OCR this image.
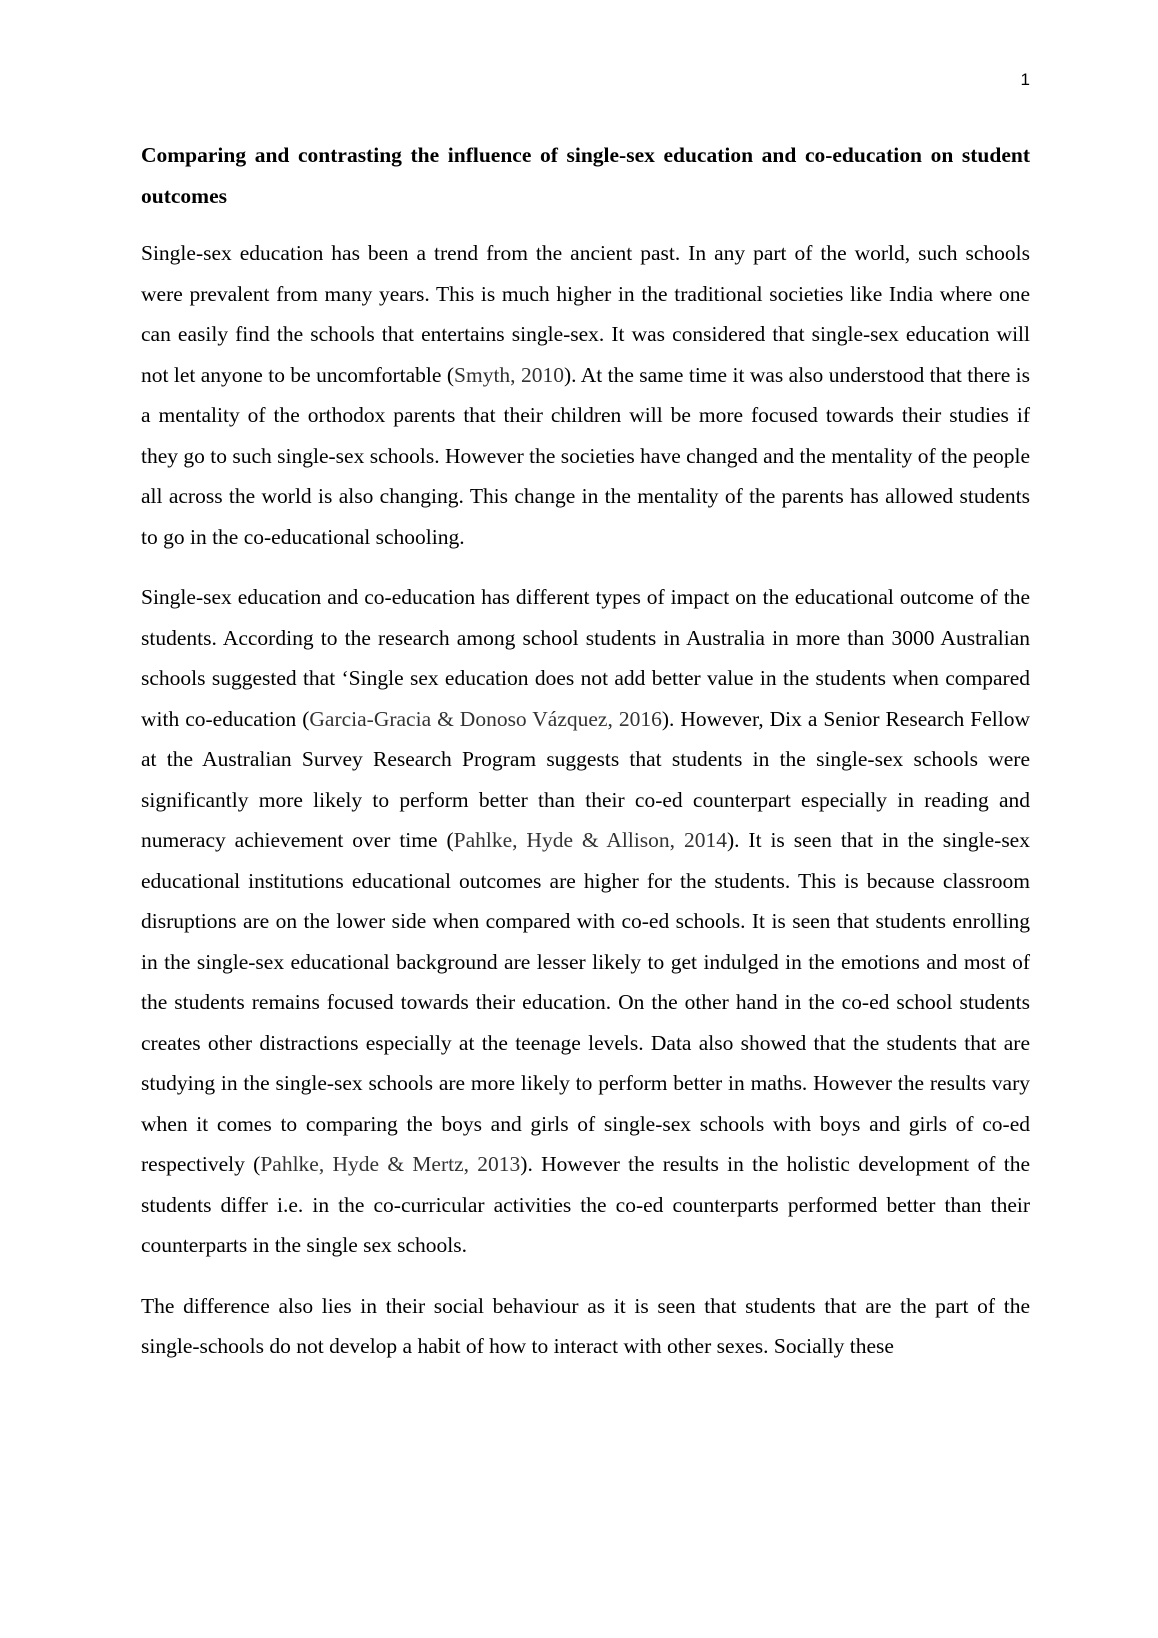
1
Comparing and contrasting the influence of single-sex education and co-education on student outcomes

Single-sex education has been a trend from the ancient past. In any part of the world, such schools were prevalent from many years. This is much higher in the traditional societies like India where one can easily find the schools that entertains single-sex. It was considered that single-sex education will not let anyone to be uncomfortable (Smyth, 2010). At the same time it was also understood that there is a mentality of the orthodox parents that their children will be more focused towards their studies if they go to such single-sex schools. However the societies have changed and the mentality of the people all across the world is also changing. This change in the mentality of the parents has allowed students to go in the co-educational schooling.

Single-sex education and co-education has different types of impact on the educational outcome of the students. According to the research among school students in Australia in more than 3000 Australian schools suggested that ‘Single sex education does not add better value in the students when compared with co-education (Garcia-Gracia & Donoso Vázquez, 2016). However, Dix a Senior Research Fellow at the Australian Survey Research Program suggests that students in the single-sex schools were significantly more likely to perform better than their co-ed counterpart especially in reading and numeracy achievement over time (Pahlke, Hyde & Allison, 2014). It is seen that in the single-sex educational institutions educational outcomes are higher for the students. This is because classroom disruptions are on the lower side when compared with co-ed schools. It is seen that students enrolling in the single-sex educational background are lesser likely to get indulged in the emotions and most of the students remains focused towards their education. On the other hand in the co-ed school students creates other distractions especially at the teenage levels. Data also showed that the students that are studying in the single-sex schools are more likely to perform better in maths. However the results vary when it comes to comparing the boys and girls of single-sex schools with boys and girls of co-ed respectively (Pahlke, Hyde & Mertz, 2013). However the results in the holistic development of the students differ i.e. in the co-curricular activities the co-ed counterparts performed better than their counterparts in the single sex schools.

The difference also lies in their social behaviour as it is seen that students that are the part of the single-schools do not develop a habit of how to interact with other sexes. Socially these
